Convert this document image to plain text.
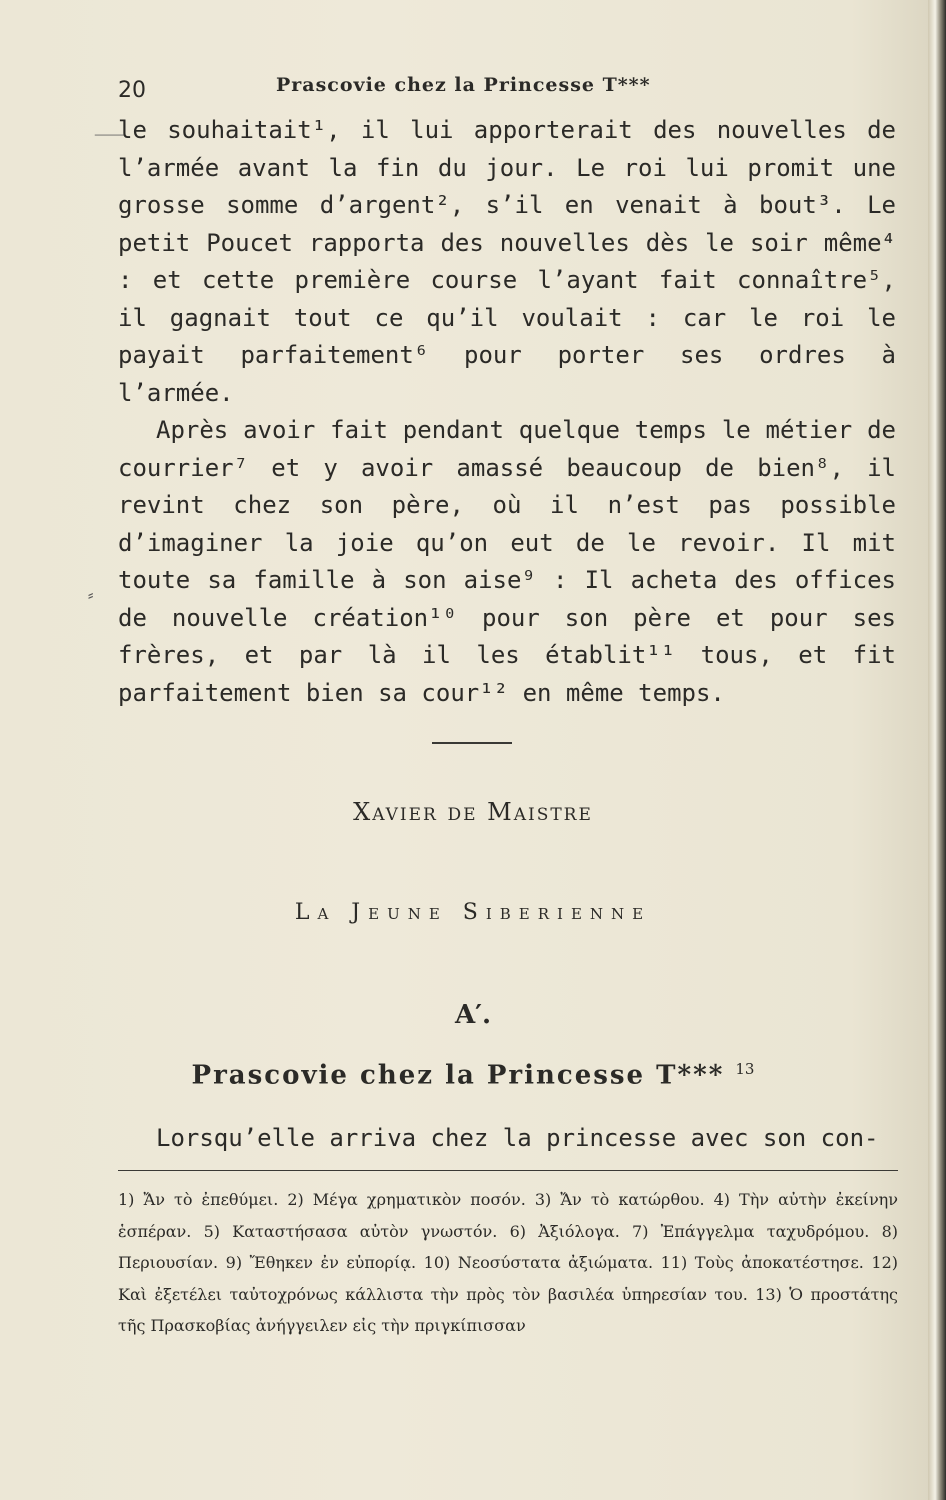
20	Prascovie chez la Princesse T***
⸺

le souhaitait¹, il lui apporterait des nouvelles de l’armée avant la fin du jour. Le roi lui promit une grosse somme d’argent², s’il en venait à bout³. Le petit Poucet rapporta des nouvelles dès le soir même⁴ : et cette première course l’ayant fait connaître⁵, il gagnait tout ce qu’il voulait : car le roi le payait parfaitement⁶ pour porter ses ordres à l’armée.

Après avoir fait pendant quelque temps le métier de courrier⁷ et y avoir amassé beaucoup de bien⁸, il revint chez son père, où il n’est pas possible d’imaginer la joie qu’on eut de le revoir. Il mit toute sa famille à son aise⁹ : Il acheta des offices de nouvelle création¹⁰ pour son père et pour ses frères, et par là il les établit¹¹ tous, et fit parfaitement bien sa cour¹² en même temps.

⸗
Xavier de Maistre
La Jeune Siberienne
A′.
Prascovie chez la Princesse T*** $^{13}$
Lorsqu’elle arriva chez la princesse avec son con-

1) Ἄν τὸ ἐπεθύμει. 2) Μέγα χρηματικὸν ποσόν. 3) Ἄν τὸ κατώρθου. 4) Τὴν αὐτὴν ἐκείνην ἑσπέραν. 5) Καταστήσασα αὐτὸν γνωστόν. 6) Ἀξιόλογα. 7) Ἐπάγγελμα ταχυδρόμου. 8) Περιουσίαν. 9) Ἔθηκεν ἐν εὐπορίᾳ. 10) Νεοσύστατα ἀξιώματα. 11) Τοὺς ἀποκατέστησε. 12) Καὶ ἐξετέλει ταὐτοχρόνως κάλλιστα τὴν πρὸς τὸν βασιλέα ὑπηρεσίαν του. 13) Ὁ προστάτης τῆς Πρασκοβίας ἀνήγγειλεν εἰς τὴν πριγκίπισσαν
